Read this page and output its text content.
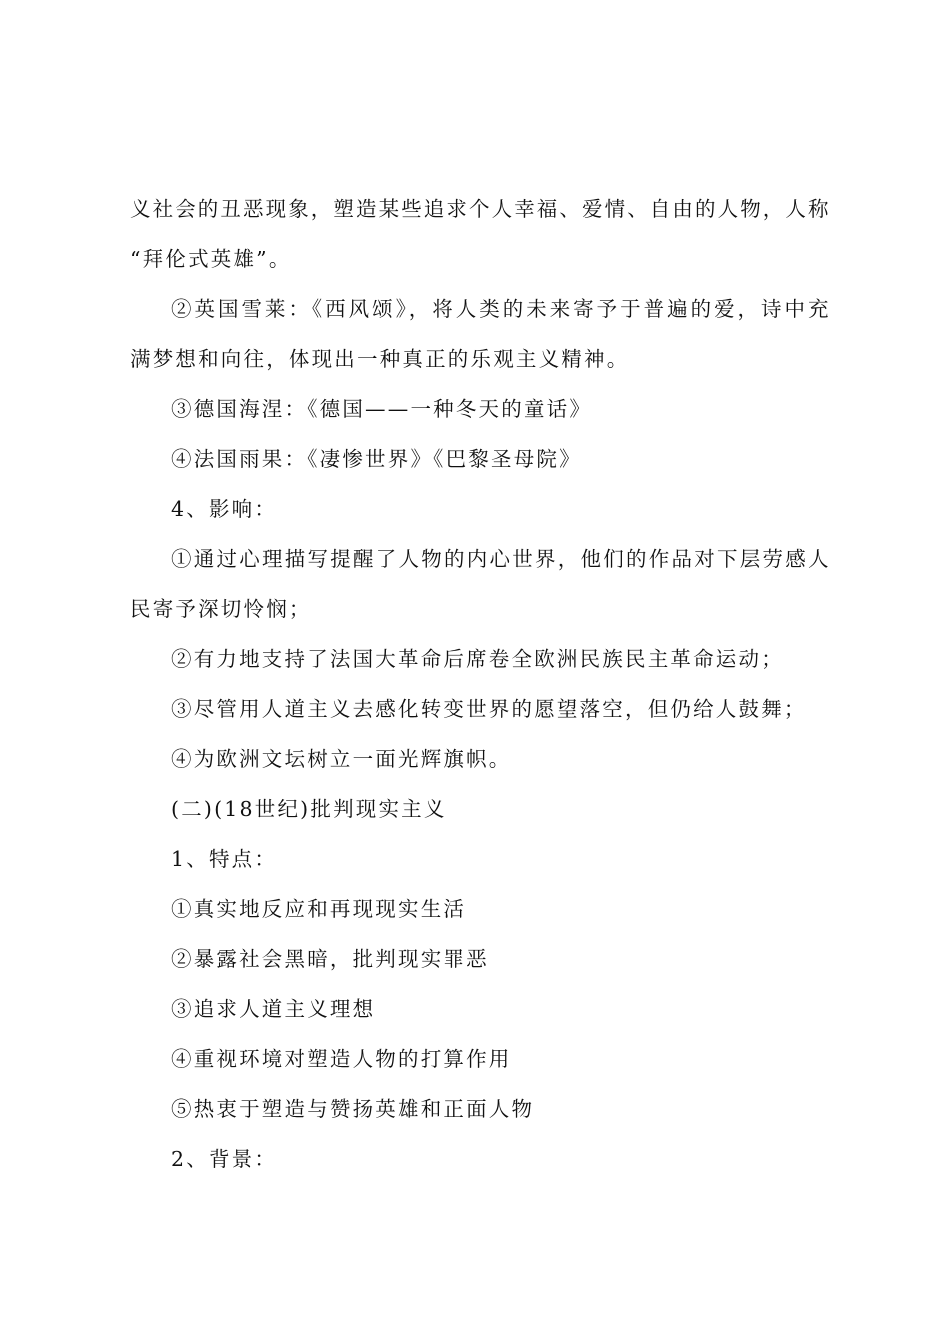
义社会的丑恶现象，塑造某些追求个人幸福、爱情、自由的人物，人称

“拜伦式英雄”。

②英国雪莱：《西风颂》，将人类的未来寄予于普遍的爱，诗中充

满梦想和向往，体现出一种真正的乐观主义精神。

③德国海涅：《德国——一种冬天的童话》

④法国雨果：《凄惨世界》《巴黎圣母院》

4、影响：

①通过心理描写提醒了人物的内心世界，他们的作品对下层劳感人

民寄予深切怜悯；

②有力地支持了法国大革命后席卷全欧洲民族民主革命运动；

③尽管用人道主义去感化转变世界的愿望落空，但仍给人鼓舞；

④为欧洲文坛树立一面光辉旗帜。

(二)(18世纪)批判现实主义

1、特点：

①真实地反应和再现现实生活

②暴露社会黑暗，批判现实罪恶

③追求人道主义理想

④重视环境对塑造人物的打算作用

⑤热衷于塑造与赞扬英雄和正面人物

2、背景：
